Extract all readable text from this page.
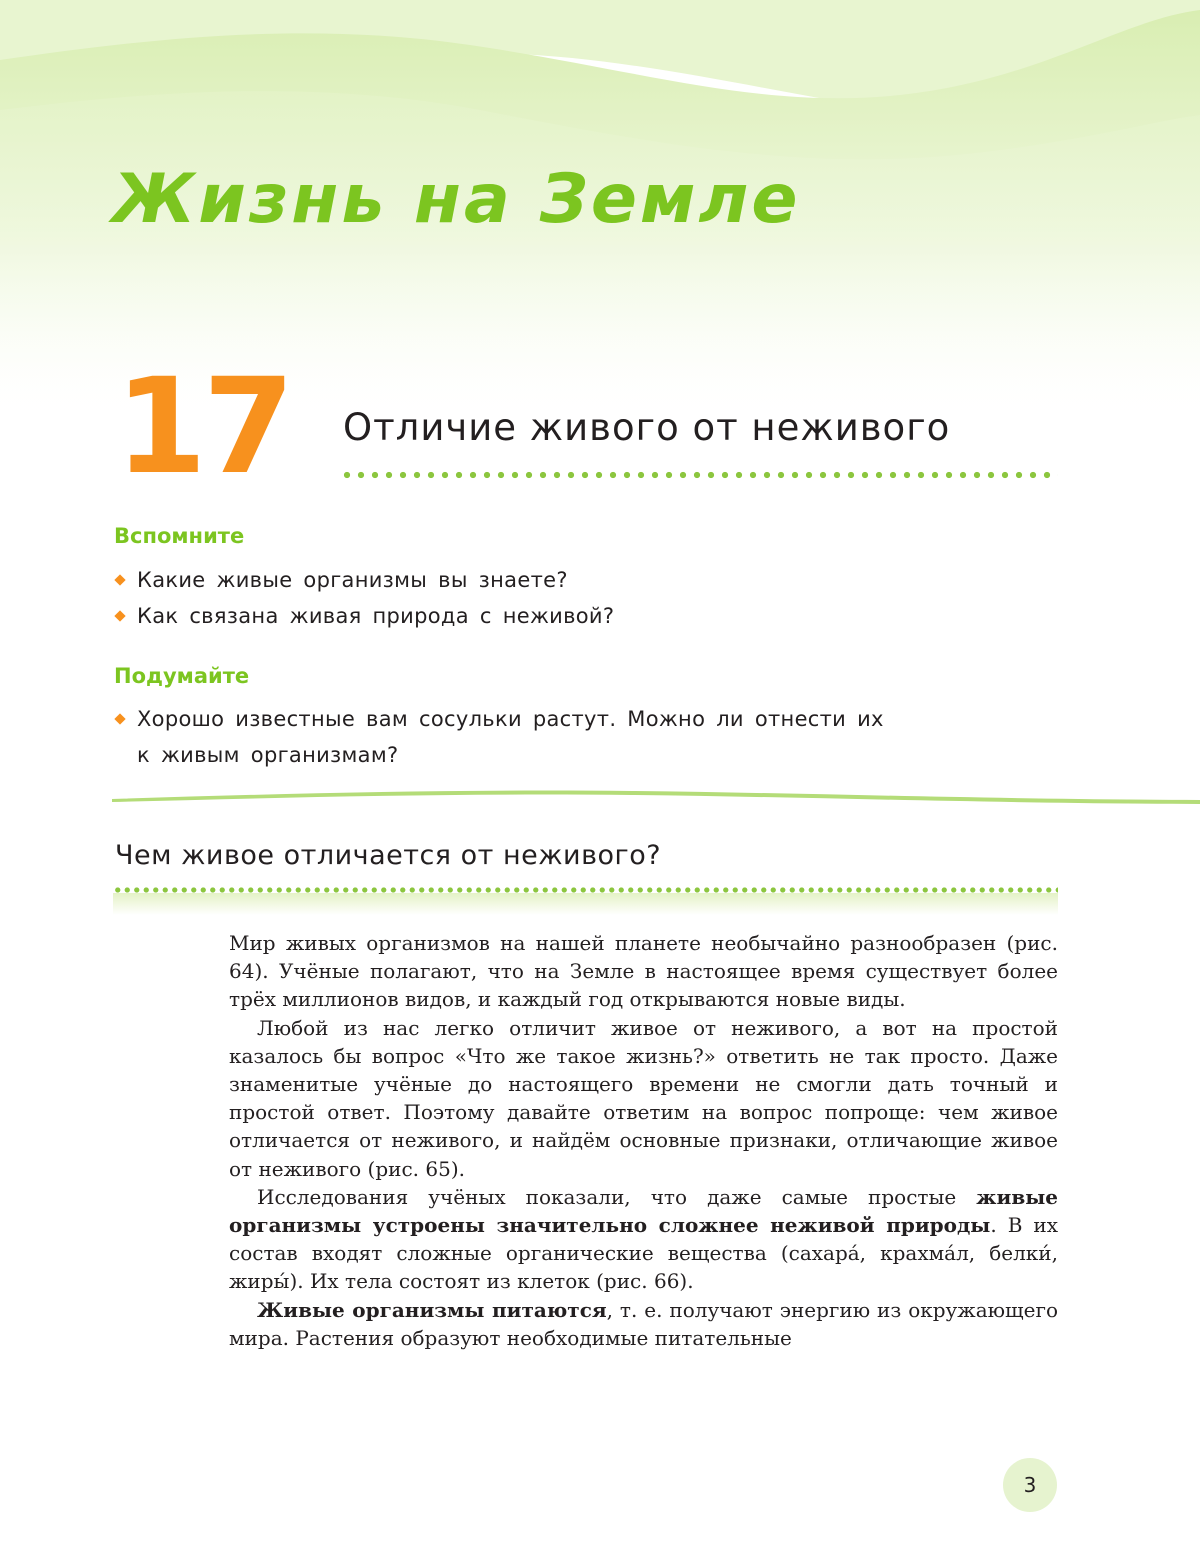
Жизнь на Земле
17 Отличие живого от неживого
Вспомните
Какие живые организмы вы знаете?
Как связана живая природа с неживой?
Подумайте
Хорошо известные вам сосульки растут. Можно ли отнести их к живым организмам?
Чем живое отличается от неживого?

Мир живых организмов на нашей планете необычайно разнообразен (рис. 64). Учёные полагают, что на Земле в настоящее время существует более трёх миллионов видов, и каждый год открываются новые виды.

Любой из нас легко отличит живое от неживого, а вот на простой казалось бы вопрос «Что же такое жизнь?» ответить не так просто. Даже знаменитые учёные до настоящего времени не смогли дать точный и простой ответ. Поэтому давайте ответим на вопрос попроще: чем живое отличается от неживого, и найдём основные признаки, отличающие живое от неживого (рис. 65).

Исследования учёных показали, что даже самые простые живые организмы устроены значительно сложнее неживой природы. В их состав входят сложные органические вещества (сахара́, крахма́л, белки́, жиры́). Их тела состоят из клеток (рис. 66).

Живые организмы питаются, т. е. получают энергию из окружающего мира. Растения образуют необходимые питательные

3
